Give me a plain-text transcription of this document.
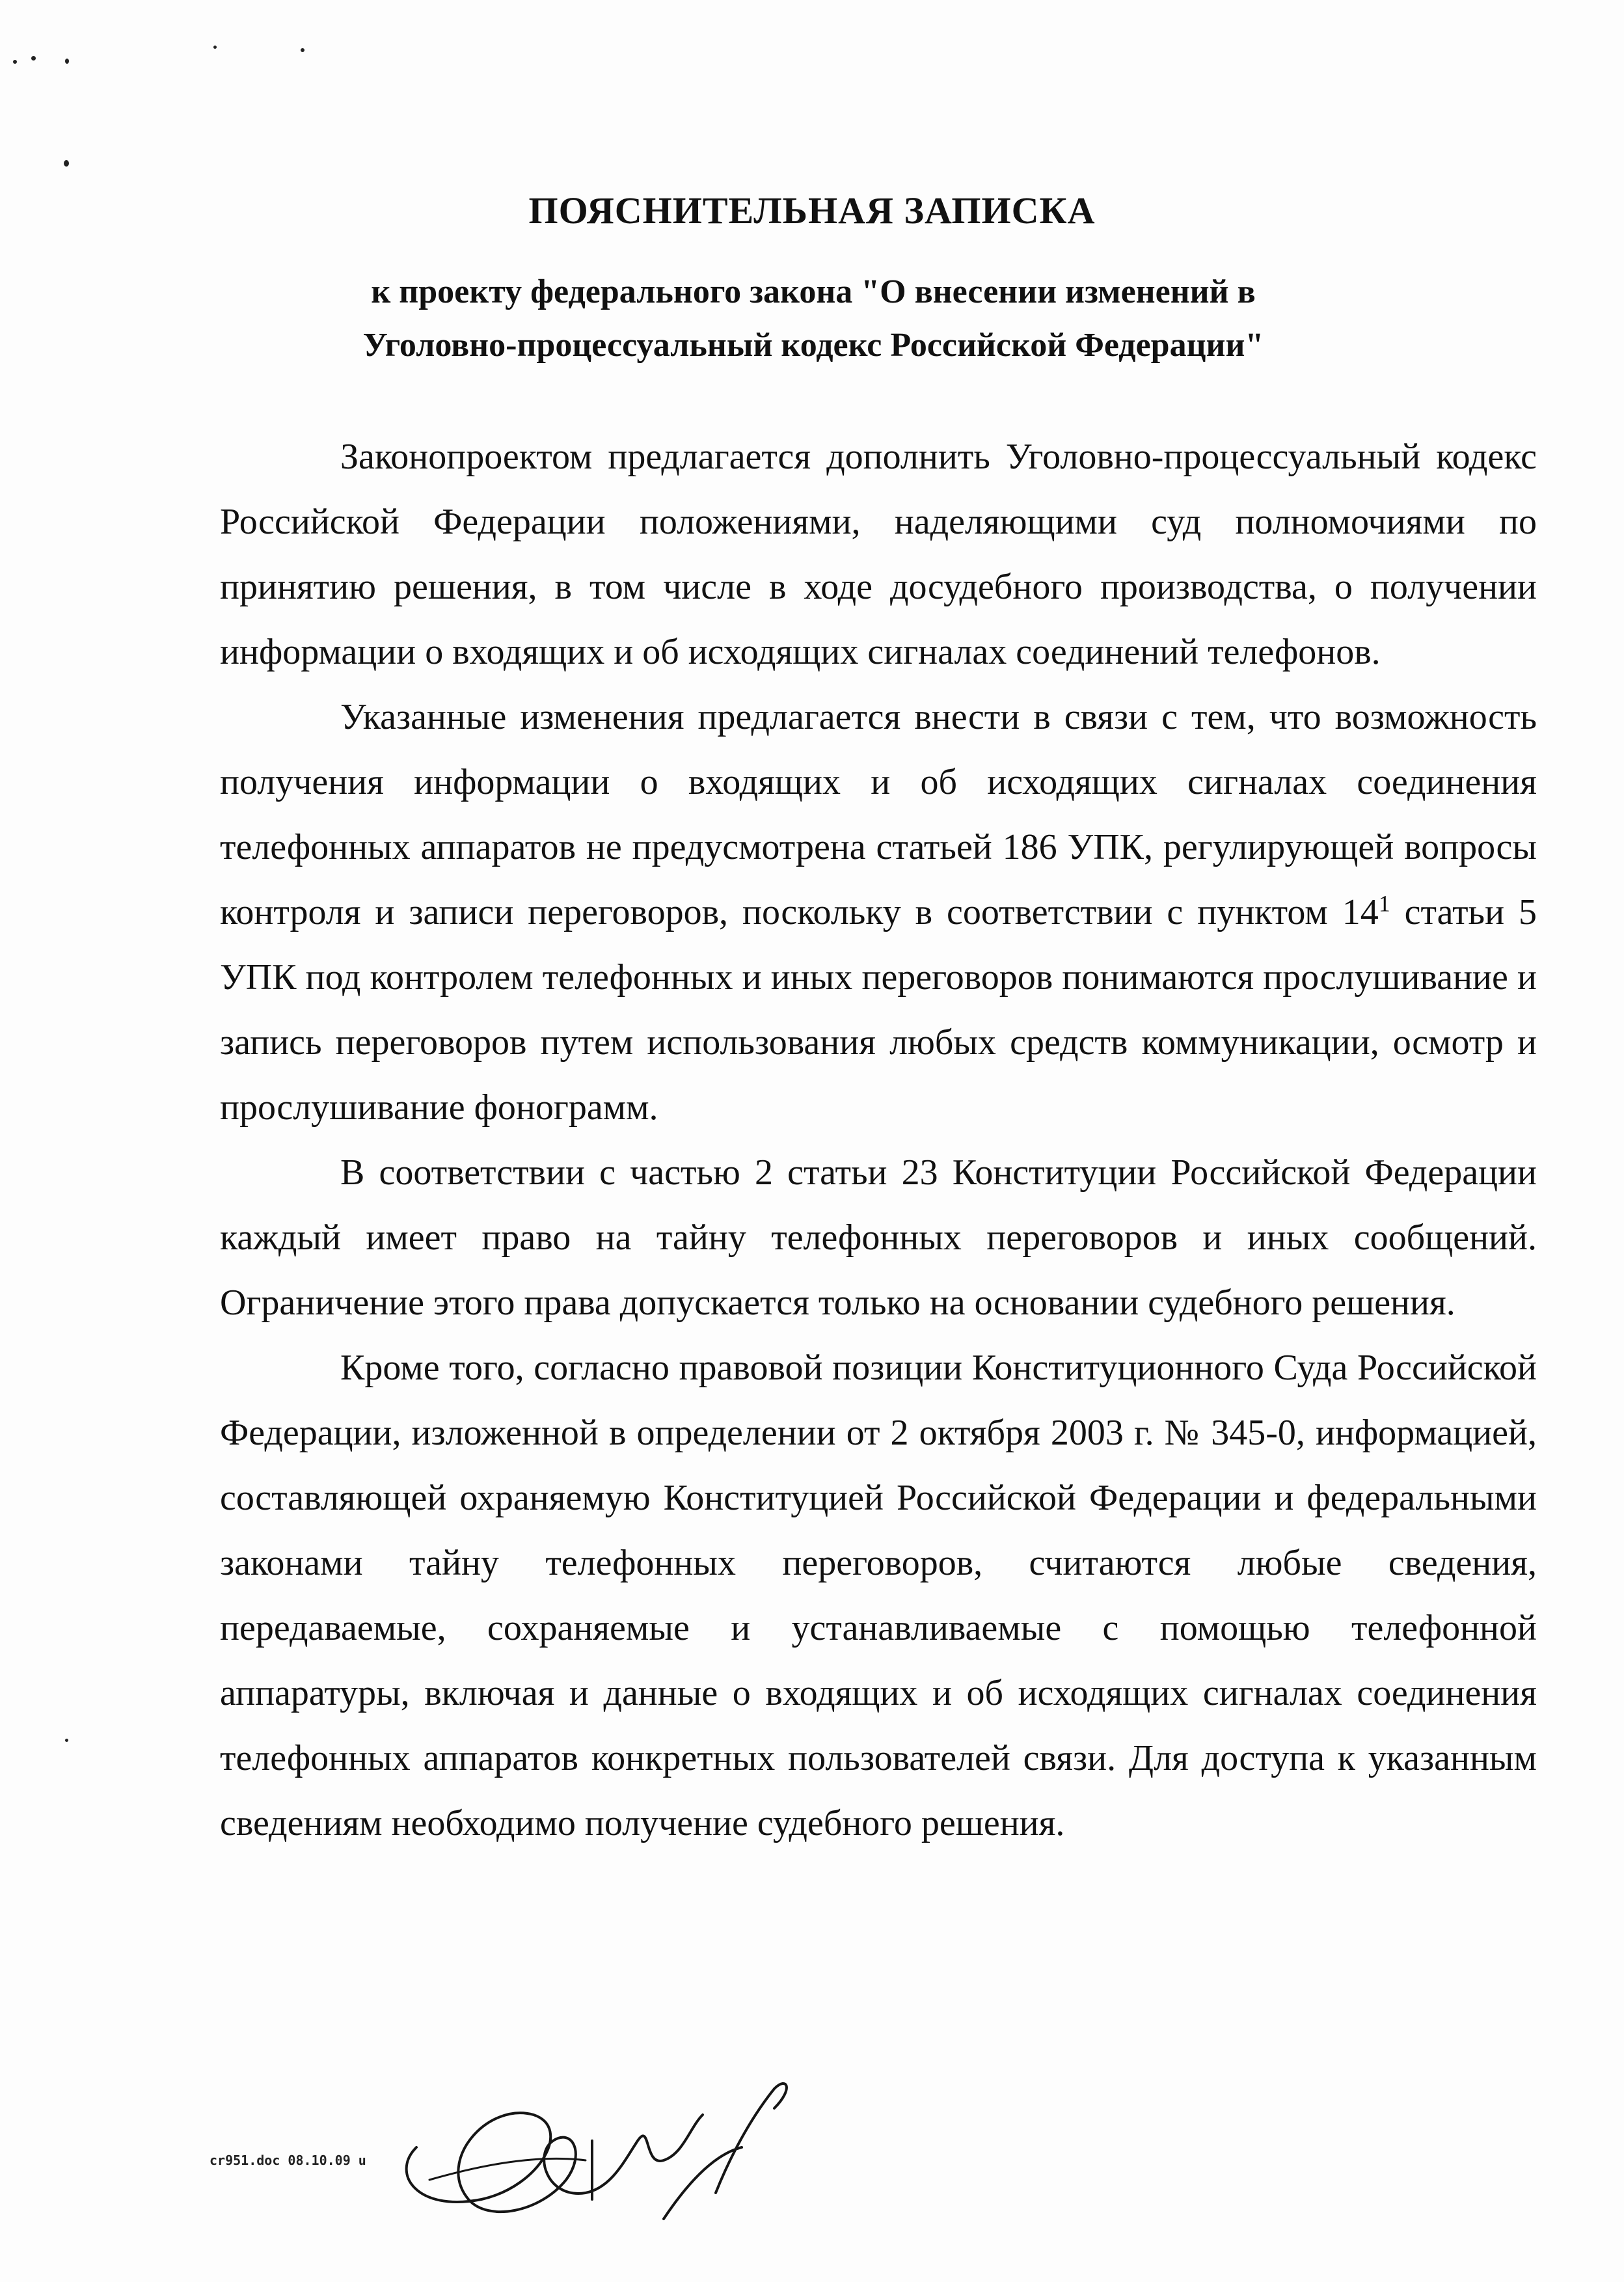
ПОЯСНИТЕЛЬНАЯ ЗАПИСКА
к проекту федерального закона "О внесении изменений в
Уголовно-процессуальный кодекс Российской Федерации"

Законопроектом предлагается дополнить Уголовно-процессуальный кодекс Российской Федерации положениями, наделяющими суд полномочиями по принятию решения, в том числе в ходе досудебного производства, о получении информации о входящих и об исходящих сигналах соединений телефонов.

Указанные изменения предлагается внести в связи с тем, что возможность получения информации о входящих и об исходящих сигналах соединения телефонных аппаратов не предусмотрена статьей 186 УПК, регулирующей вопросы контроля и записи переговоров, поскольку в соответствии с пунктом $14^1$ статьи 5 УПК под контролем телефонных и иных переговоров понимаются прослушивание и запись переговоров путем использования любых средств коммуникации, осмотр и прослушивание фонограмм.

В соответствии с частью 2 статьи 23 Конституции Российской Федерации каждый имеет право на тайну телефонных переговоров и иных сообщений. Ограничение этого права допускается только на основании судебного решения.

Кроме того, согласно правовой позиции Конституционного Суда Российской Федерации, изложенной в определении от 2 октября 2003 г. № 345-0, информацией, составляющей охраняемую Конституцией Российской Федерации и федеральными законами тайну телефонных переговоров, считаются любые сведения, передаваемые, сохраняемые и устанавливаемые с помощью телефонной аппаратуры, включая и данные о входящих и об исходящих сигналах соединения телефонных аппаратов конкретных пользователей связи. Для доступа к указанным сведениям необходимо получение судебного решения.

cr951.doc 08.10.09 u
